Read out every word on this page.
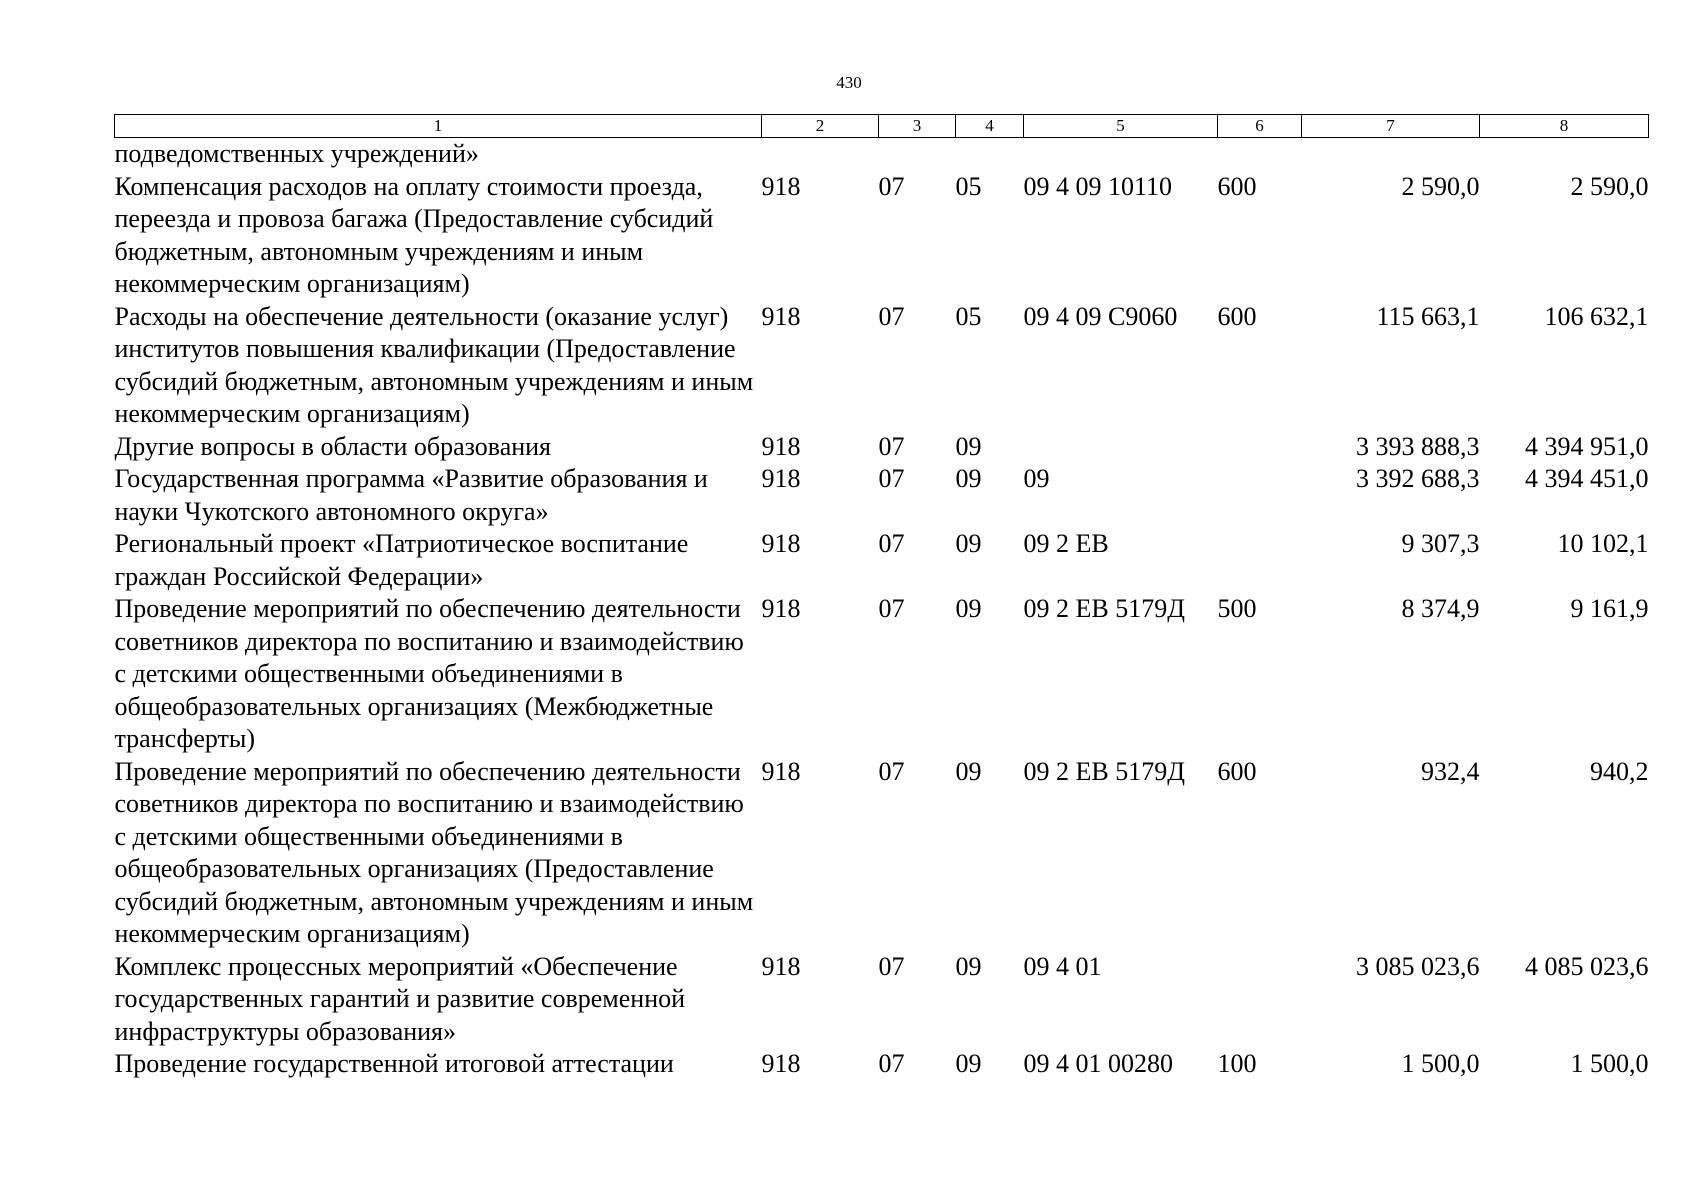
430
1	2	3	4	5	6	7	8
подведомственных учреждений»							
Компенсация расходов на оплату стоимости проезда, переезда и провоза багажа (Предоставление субсидий бюджетным, автономным учреждениям и иным некоммерческим организациям)	918	07	05	09 4 09 10110	600	2 590,0	2 590,0
Расходы на обеспечение деятельности (оказание услуг) институтов повышения квалификации (Предоставление субсидий бюджетным, автономным учреждениям и иным некоммерческим организациям)	918	07	05	09 4 09 С9060	600	115 663,1	106 632,1
Другие вопросы в области образования	918	07	09			3 393 888,3	4 394 951,0
Государственная программа «Развитие образования и науки Чукотского автономного округа»	918	07	09	09		3 392 688,3	4 394 451,0
Региональный проект «Патриотическое воспитание граждан Российской Федерации»	918	07	09	09 2 ЕВ		9 307,3	10 102,1
Проведение мероприятий по обеспечению деятельности советников директора по воспитанию и взаимодействию с детскими общественными объединениями в общеобразовательных организациях (Межбюджетные трансферты)	918	07	09	09 2 ЕВ 5179Д	500	8 374,9	9 161,9
Проведение мероприятий по обеспечению деятельности советников директора по воспитанию и взаимодействию с детскими общественными объединениями в общеобразовательных организациях (Предоставление субсидий бюджетным, автономным учреждениям и иным некоммерческим организациям)	918	07	09	09 2 ЕВ 5179Д	600	932,4	940,2
Комплекс процессных мероприятий «Обеспечение государственных гарантий и развитие современной инфраструктуры образования»	918	07	09	09 4 01		3 085 023,6	4 085 023,6
Проведение государственной итоговой аттестации	918	07	09	09 4 01 00280	100	1 500,0	1 500,0
